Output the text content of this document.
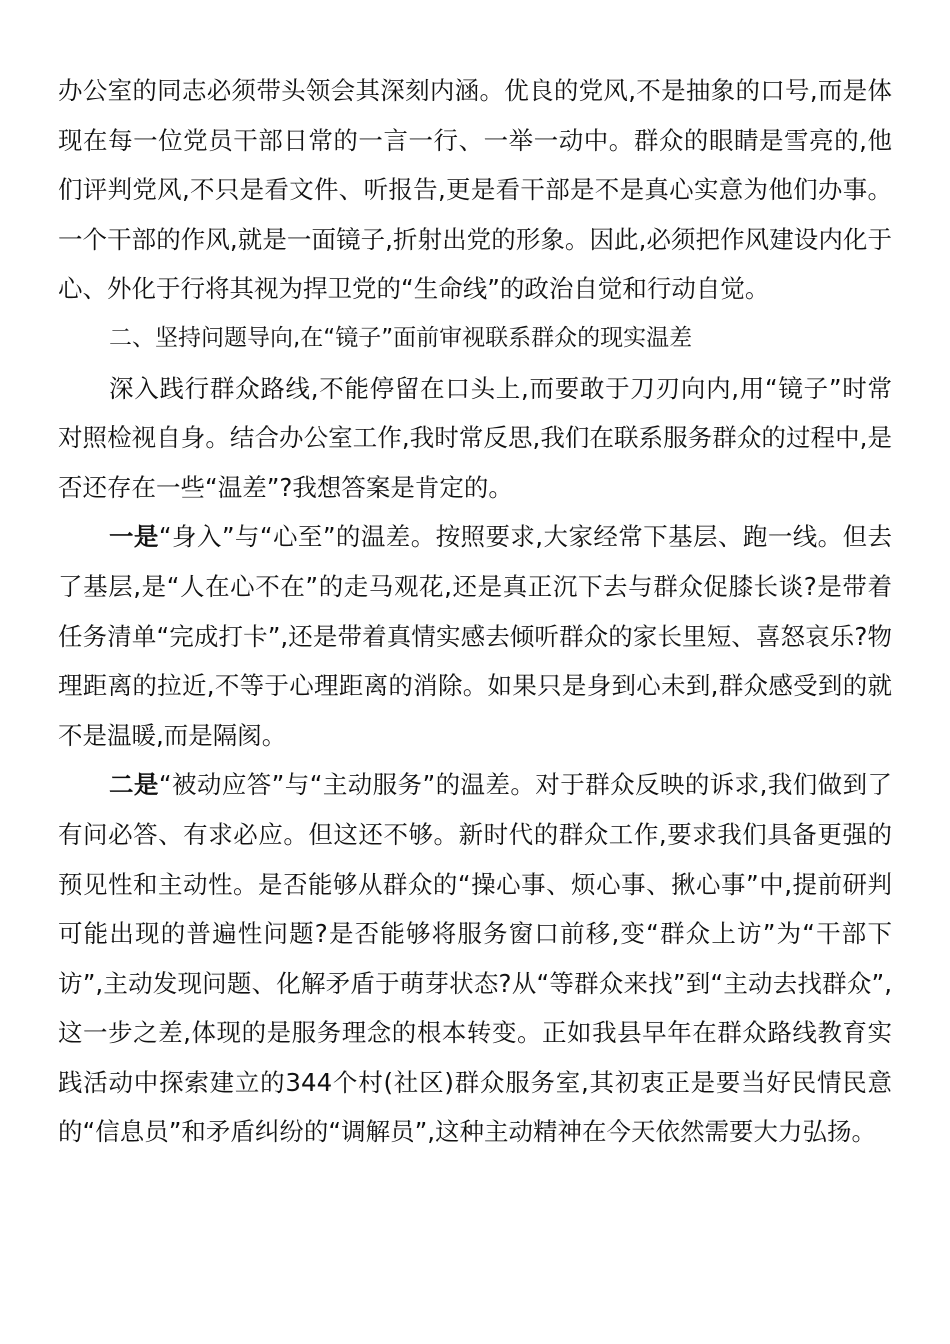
办公室的同志必须带头领会其深刻内涵。优良的党风,不是抽象的口号,而是体现在每一位党员干部日常的一言一行、一举一动中。群众的眼睛是雪亮的,他们评判党风,不只是看文件、听报告,更是看干部是不是真心实意为他们办事。一个干部的作风,就是一面镜子,折射出党的形象。因此,必须把作风建设内化于心、外化于行将其视为捍卫党的“生命线”的政治自觉和行动自觉。

二、坚持问题导向,在“镜子”面前审视联系群众的现实温差

深入践行群众路线,不能停留在口头上,而要敢于刀刃向内,用“镜子”时常对照检视自身。结合办公室工作,我时常反思,我们在联系服务群众的过程中,是否还存在一些“温差”?我想答案是肯定的。

一是“身入”与“心至”的温差。按照要求,大家经常下基层、跑一线。但去了基层,是“人在心不在”的走马观花,还是真正沉下去与群众促膝长谈?是带着任务清单“完成打卡”,还是带着真情实感去倾听群众的家长里短、喜怒哀乐?物理距离的拉近,不等于心理距离的消除。如果只是身到心未到,群众感受到的就不是温暖,而是隔阂。

二是“被动应答”与“主动服务”的温差。对于群众反映的诉求,我们做到了有问必答、有求必应。但这还不够。新时代的群众工作,要求我们具备更强的预见性和主动性。是否能够从群众的“操心事、烦心事、揪心事”中,提前研判可能出现的普遍性问题?是否能够将服务窗口前移,变“群众上访”为“干部下访”,主动发现问题、化解矛盾于萌芽状态?从“等群众来找”到“主动去找群众”,这一步之差,体现的是服务理念的根本转变。正如我县早年在群众路线教育实践活动中探索建立的344个村(社区)群众服务室,其初衷正是要当好民情民意的“信息员”和矛盾纠纷的“调解员”,这种主动精神在今天依然需要大力弘扬。
